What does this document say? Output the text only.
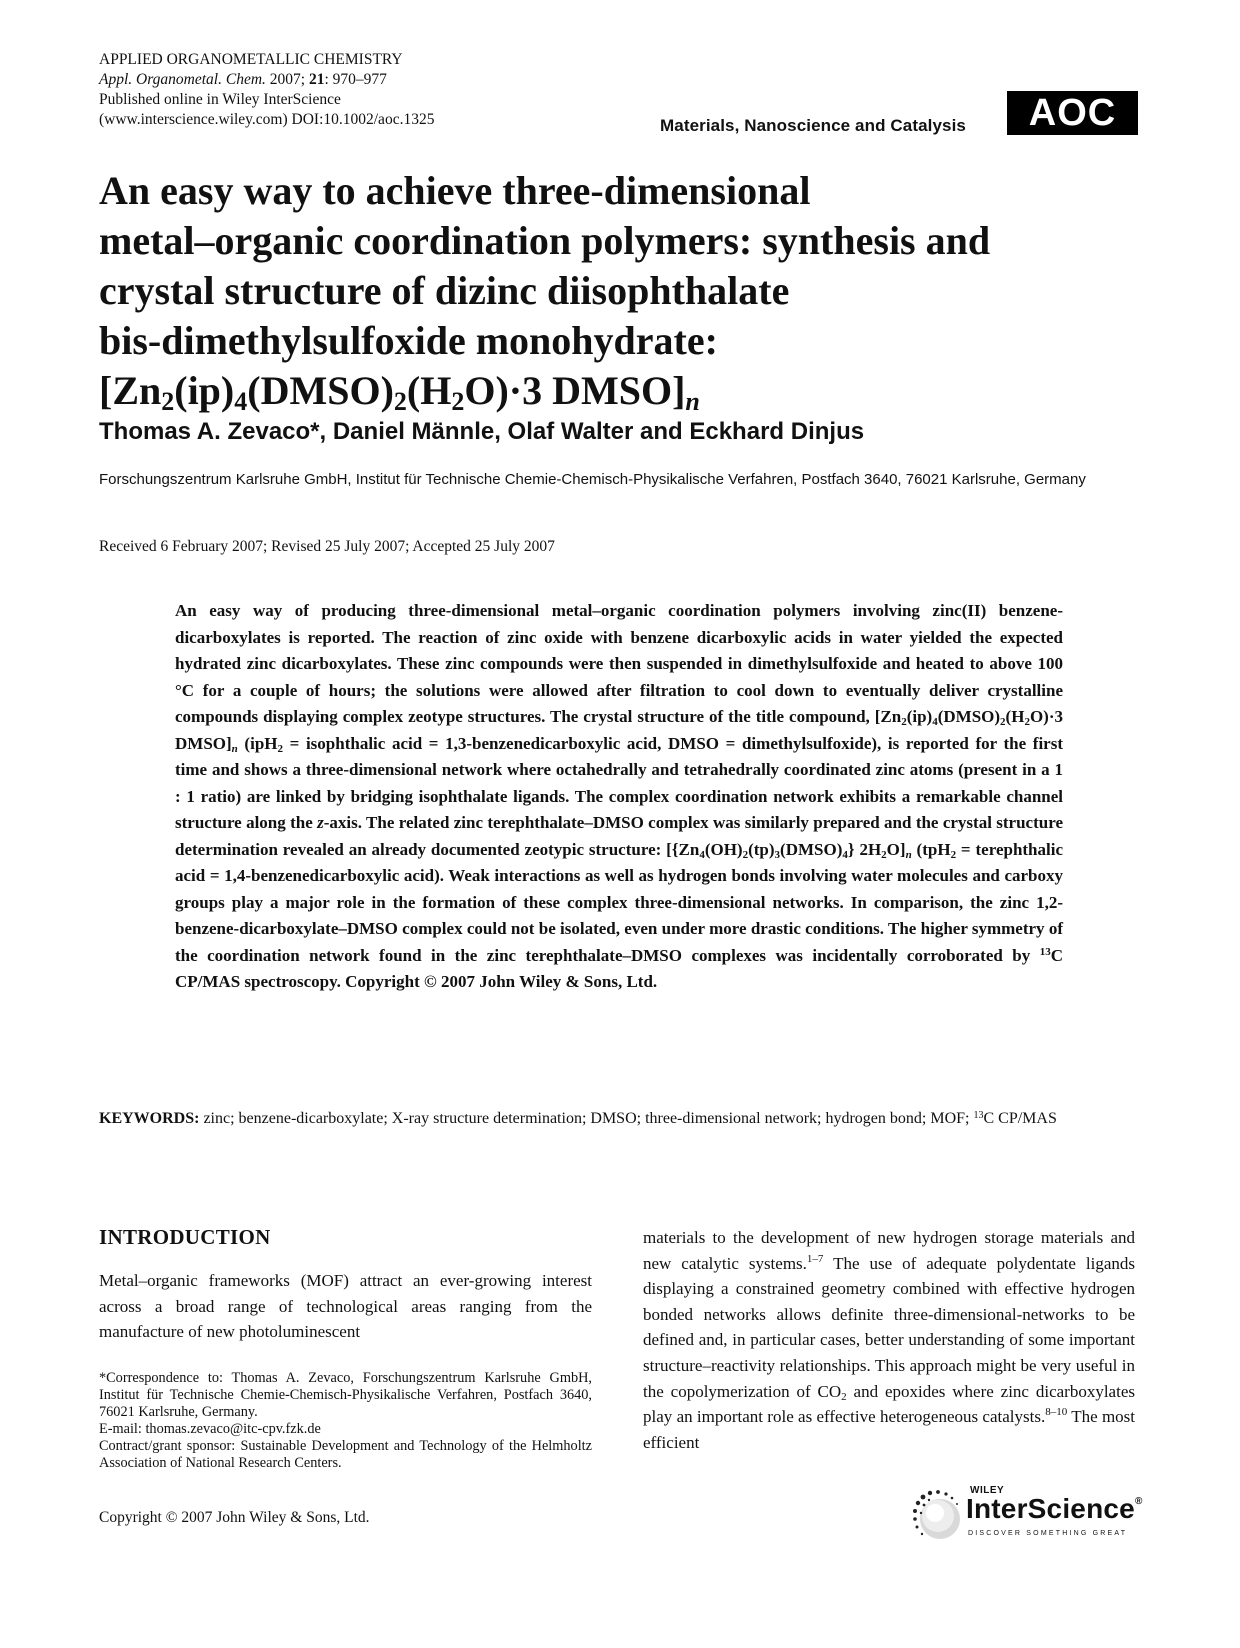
APPLIED ORGANOMETALLIC CHEMISTRY
Appl. Organometal. Chem. 2007; 21: 970–977
Published online in Wiley InterScience
(www.interscience.wiley.com) DOI:10.1002/aoc.1325	Materials, Nanoscience and Catalysis	AOC
An easy way to achieve three-dimensional
metal–organic coordination polymers: synthesis and
crystal structure of dizinc diisophthalate
bis-dimethylsulfoxide monohydrate:
[$Zn_2(ip)_4(DMSO)_2(H_2O)\cdot 3$ $DMSO]_n$
Thomas A. Zevaco*, Daniel Männle, Olaf Walter and Eckhard Dinjus
Forschungszentrum Karlsruhe GmbH, Institut für Technische Chemie-Chemisch-Physikalische Verfahren, Postfach 3640, 76021 Karlsruhe, Germany
Received 6 February 2007; Revised 25 July 2007; Accepted 25 July 2007
An easy way of producing three-dimensional metal–organic coordination polymers involving zinc(II) benzene-dicarboxylates is reported. The reaction of zinc oxide with benzene dicarboxylic acids in water yielded the expected hydrated zinc dicarboxylates. These zinc compounds were then suspended in dimethylsulfoxide and heated to above 100 °C for a couple of hours; the solutions were allowed after filtration to cool down to eventually deliver crystalline compounds displaying complex zeotype structures. The crystal structure of the title compound, [$Zn_2(ip)_4(DMSO)_2(H_2O)\cdot 3$ $DMSO]_n$ (ipH$_2$ = isophthalic acid = 1,3-benzenedicarboxylic acid, DMSO = dimethylsulfoxide), is reported for the first time and shows a three-dimensional network where octahedrally and tetrahedrally coordinated zinc atoms (present in a 1 : 1 ratio) are linked by bridging isophthalate ligands. The complex coordination network exhibits a remarkable channel structure along the z-axis. The related zinc terephthalate–DMSO complex was similarly prepared and the crystal structure determination revealed an already documented zeotypic structure: [$\{Zn_4(OH)_2(tp)_3(DMSO)_4\}$ $2H_2O]_n$ (tpH$_2$ = terephthalic acid = 1,4-benzenedicarboxylic acid). Weak interactions as well as hydrogen bonds involving water molecules and carboxy groups play a major role in the formation of these complex three-dimensional networks. In comparison, the zinc 1,2-benzene-dicarboxylate–DMSO complex could not be isolated, even under more drastic conditions. The higher symmetry of the coordination network found in the zinc terephthalate–DMSO complexes was incidentally corroborated by $^{13}$C CP/MAS spectroscopy. Copyright © 2007 John Wiley & Sons, Ltd.
KEYWORDS: zinc; benzene-dicarboxylate; X-ray structure determination; DMSO; three-dimensional network; hydrogen bond; MOF; $^{13}$C CP/MAS
INTRODUCTION
Metal–organic frameworks (MOF) attract an ever-growing interest across a broad range of technological areas ranging from the manufacture of new photoluminescent
materials to the development of new hydrogen storage materials and new catalytic systems.$^{1-7}$ The use of adequate polydentate ligands displaying a constrained geometry combined with effective hydrogen bonded networks allows definite three-dimensional-networks to be defined and, in particular cases, better understanding of some important structure–reactivity relationships. This approach might be very useful in the copolymerization of $CO_2$ and epoxides where zinc dicarboxylates play an important role as effective heterogeneous catalysts.$^{8-10}$ The most efficient
*Correspondence to: Thomas A. Zevaco, Forschungszentrum Karlsruhe GmbH, Institut für Technische Chemie-Chemisch-Physikalische Verfahren, Postfach 3640, 76021 Karlsruhe, Germany.
E-mail: thomas.zevaco@itc-cpv.fzk.de
Contract/grant sponsor: Sustainable Development and Technology of the Helmholtz Association of National Research Centers.
Copyright © 2007 John Wiley & Sons, Ltd.
WILEY
InterScience®
DISCOVER SOMETHING GREAT
